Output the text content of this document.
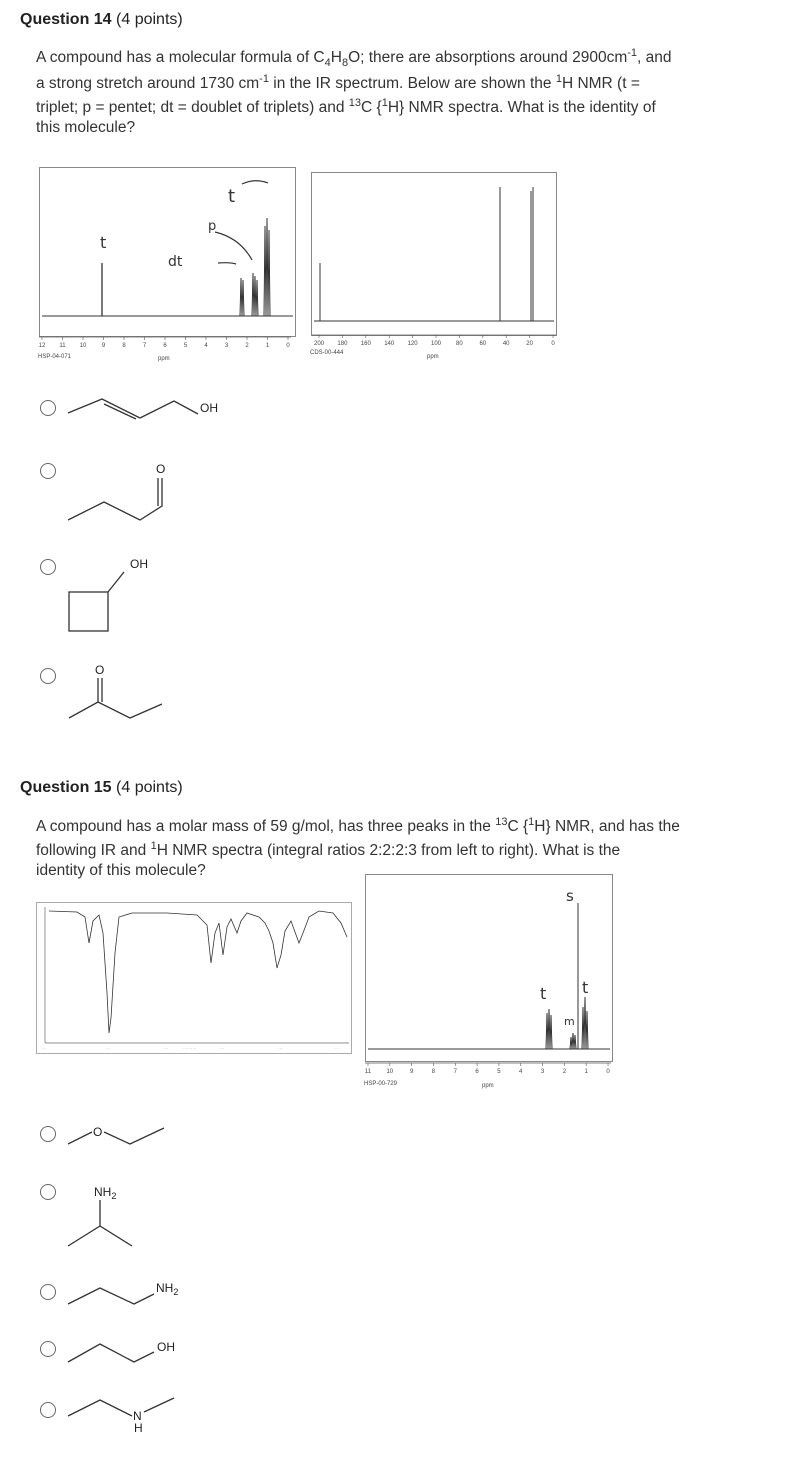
Question 14 (4 points)
A compound has a molecular formula of $C_4H_8O$; there are absorptions around $2900cm^{-1}$, and
a strong stretch around 1730 $cm^{-1}$ in the IR spectrum. Below are shown the $^1$H NMR (t =
triplet; p = pentet; dt = doublet of triplets) and $^{13}$C {$^1$H} NMR spectra. What is the identity of
this molecule?
t
dt
p
t
12 11 10	9	8	7	6	5	4	3	2	1	0
HSP-04-071	ppm
200 180 160 140 120 100	80	60	40	20	0
CDS-00-444
ppm
OH
O
OH
O
Question 15 (4 points)
A compound has a molar mass of 59 g/mol, has three peaks in the $^{13}$C {$^1$H} NMR, and has the
following IR and $^1$H NMR spectra (integral ratios 2:2:2:3 from left to right). What is the
identity of this molecule?
····	····	····	··········	····	····	···
s
t
m
t
11	10	9	8	7	6	5	4	3	2	1	0
HSP-00-729	ppm
O
$NH_2$
$NH_2$
OH
N
H
